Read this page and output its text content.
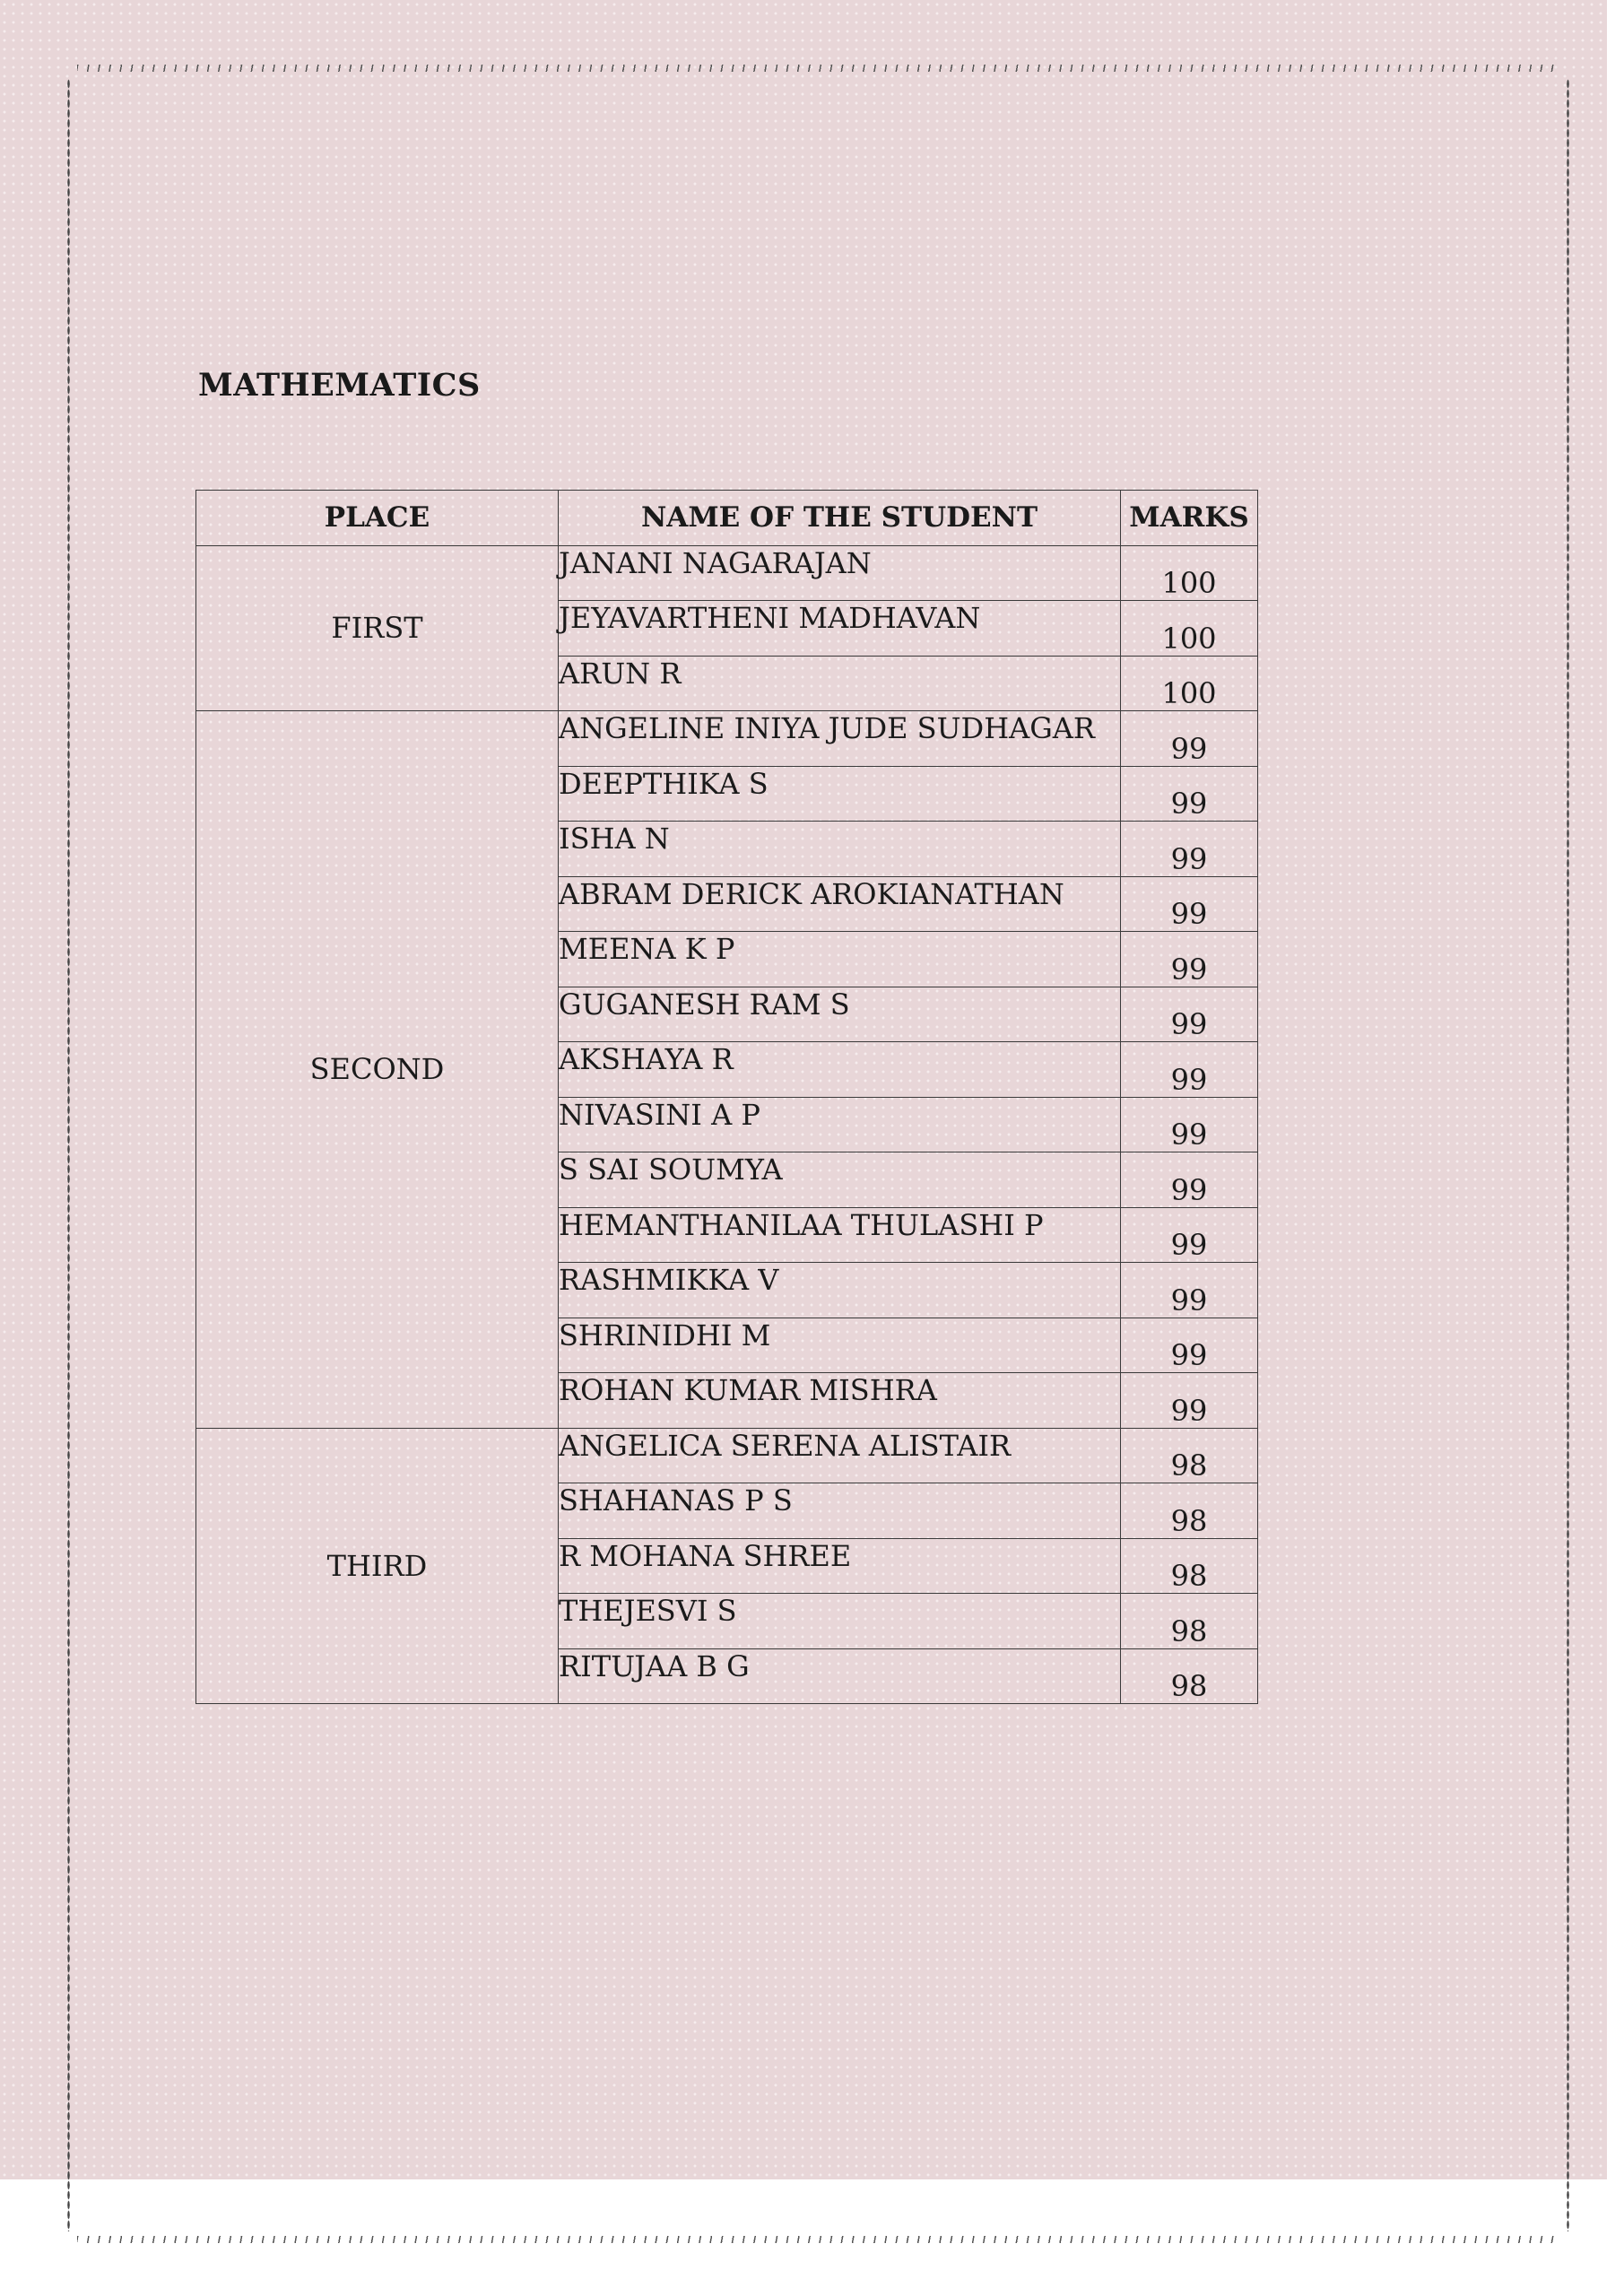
MATHEMATICS
PLACE	NAME OF THE STUDENT	MARKS
FIRST	JANANI NAGARAJAN	100
	JEYAVARTHENI MADHAVAN	100
	ARUN R	100
SECOND	ANGELINE INIYA JUDE SUDHAGAR	99
	DEEPTHIKA S	99
	ISHA N	99
	ABRAM DERICK AROKIANATHAN	99
	MEENA K P	99
	GUGANESH RAM S	99
	AKSHAYA R	99
	NIVASINI A P	99
	S SAI SOUMYA	99
	HEMANTHANILAA THULASHI P	99
	RASHMIKKA V	99
	SHRINIDHI M	99
	ROHAN KUMAR MISHRA	99
THIRD	ANGELICA SERENA ALISTAIR	98
	SHAHANAS P S	98
	R MOHANA SHREE	98
	THEJESVI S	98
	RITUJAA B G	98
